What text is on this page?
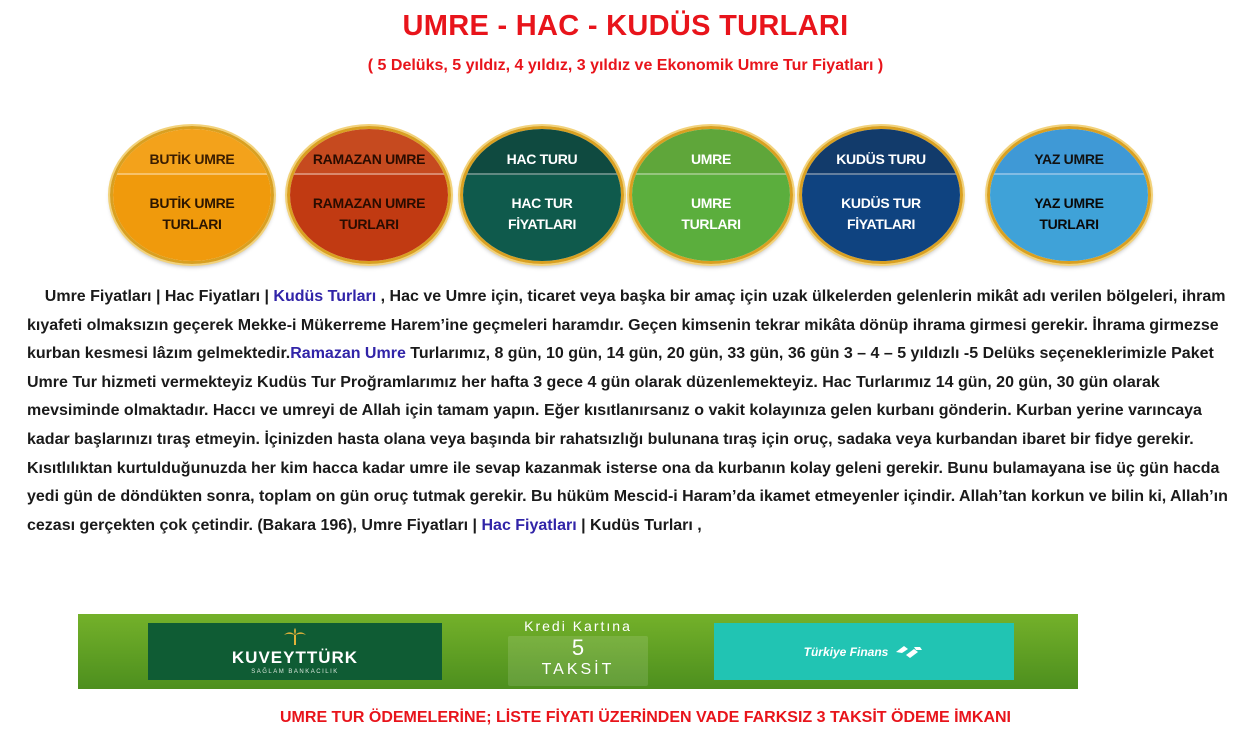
UMRE - HAC - KUDÜS TURLARI
( 5 Delüks, 5 yıldız, 4 yıldız, 3 yıldız ve Ekonomik Umre Tur Fiyatları )
BUTİK UMRE
BUTİK UMRE
TURLARI
RAMAZAN UMRE
RAMAZAN UMRE
TURLARI
HAC TURU
HAC TUR
FİYATLARI
UMRE
UMRE
TURLARI
KUDÜS TURU
KUDÜS TUR
FİYATLARI
YAZ UMRE
YAZ UMRE
TURLARI
Umre Fiyatları | Hac Fiyatları | Kudüs Turları , Hac ve Umre için, ticaret veya başka bir amaç için uzak ülkelerden gelenlerin mikât adı verilen bölgeleri, ihram kıyafeti olmaksızın geçerek Mekke-i Mükerreme Harem’ine geçmeleri haramdır. Geçen kimsenin tekrar mikâta dönüp ihrama girmesi gerekir. İhrama girmezse kurban kesmesi lâzım gelmektedir.Ramazan Umre Turlarımız, 8 gün, 10 gün, 14 gün, 20 gün, 33 gün, 36 gün 3 – 4 – 5 yıldızlı -5 Delüks seçeneklerimizle Paket Umre Tur hizmeti vermekteyiz Kudüs Tur Proğramlarımız her hafta 3 gece 4 gün olarak düzenlemekteyiz. Hac Turlarımız 14 gün, 20 gün, 30 gün olarak mevsiminde olmaktadır. Haccı ve umreyi de Allah için tamam yapın. Eğer kısıtlanırsanız o vakit kolayınıza gelen kurbanı gönderin. Kurban yerine varıncaya kadar başlarınızı tıraş etmeyin. İçinizden hasta olana veya başında bir rahatsızlığı bulunana tıraş için oruç, sadaka veya kurbandan ibaret bir fidye gerekir. Kısıtlılıktan kurtulduğunuzda her kim hacca kadar umre ile sevap kazanmak isterse ona da kurbanın kolay geleni gerekir. Bunu bulamayana ise üç gün hacda yedi gün de döndükten sonra, toplam on gün oruç tutmak gerekir. Bu hüküm Mescid-i Haram’da ikamet etmeyenler içindir. Allah’tan korkun ve bilin ki, Allah’ın cezası gerçekten çok çetindir. (Bakara 196), Umre Fiyatları | Hac Fiyatları | Kudüs Turları ,
KUVEYTTÜRK
SAĞLAM BANKACILIK
Kredi Kartına
5
TAKSİT
Türkiye Finans
UMRE TUR ÖDEMELERİNE; LİSTE FİYATI ÜZERİNDEN VADE FARKSIZ 3 TAKSİT ÖDEME İMKANI
